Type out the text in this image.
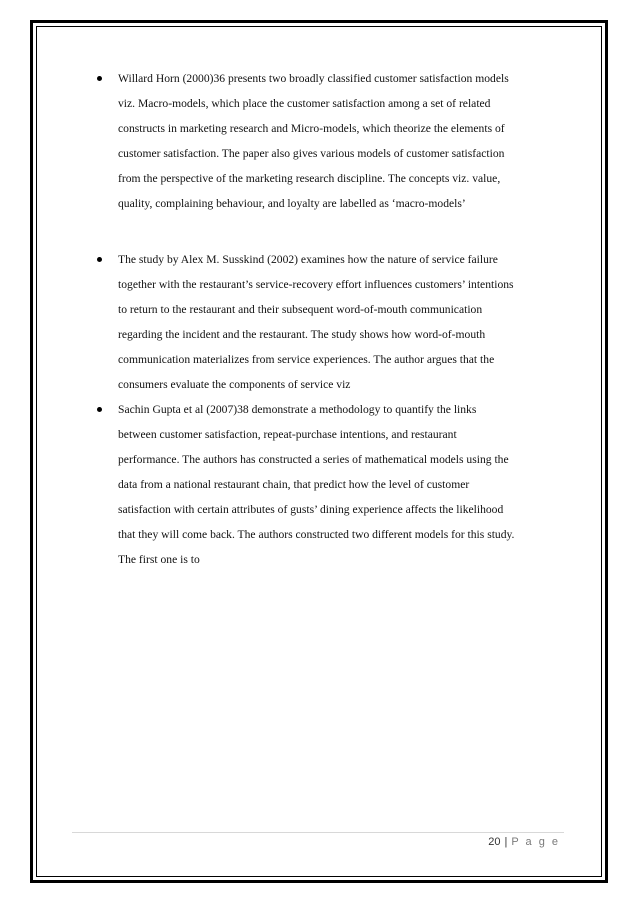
Willard Horn (2000)36 presents two broadly classified customer satisfaction models
viz. Macro-models, which place the customer satisfaction among a set of related
constructs in marketing research and Micro-models, which theorize the elements of
customer satisfaction. The paper also gives various models of customer satisfaction
from the perspective of the marketing research discipline. The concepts viz. value,
quality, complaining behaviour, and loyalty are labelled as ‘macro-models’
The study by Alex M. Susskind (2002) examines how the nature of service failure
together with the restaurant’s service-recovery effort influences customers’ intentions
to return to the restaurant and their subsequent word-of-mouth communication
regarding the incident and the restaurant. The study shows how word-of-mouth
communication materializes from service experiences. The author argues that the
consumers evaluate the components of service viz
Sachin Gupta et al (2007)38 demonstrate a methodology to quantify the links
between customer satisfaction, repeat-purchase intentions, and restaurant
performance. The authors has constructed a series of mathematical models using the
data from a national restaurant chain, that predict how the level of customer
satisfaction with certain attributes of gusts’ dining experience affects the likelihood
that they will come back. The authors constructed two different models for this study.
The first one is to
20 | P a g e
